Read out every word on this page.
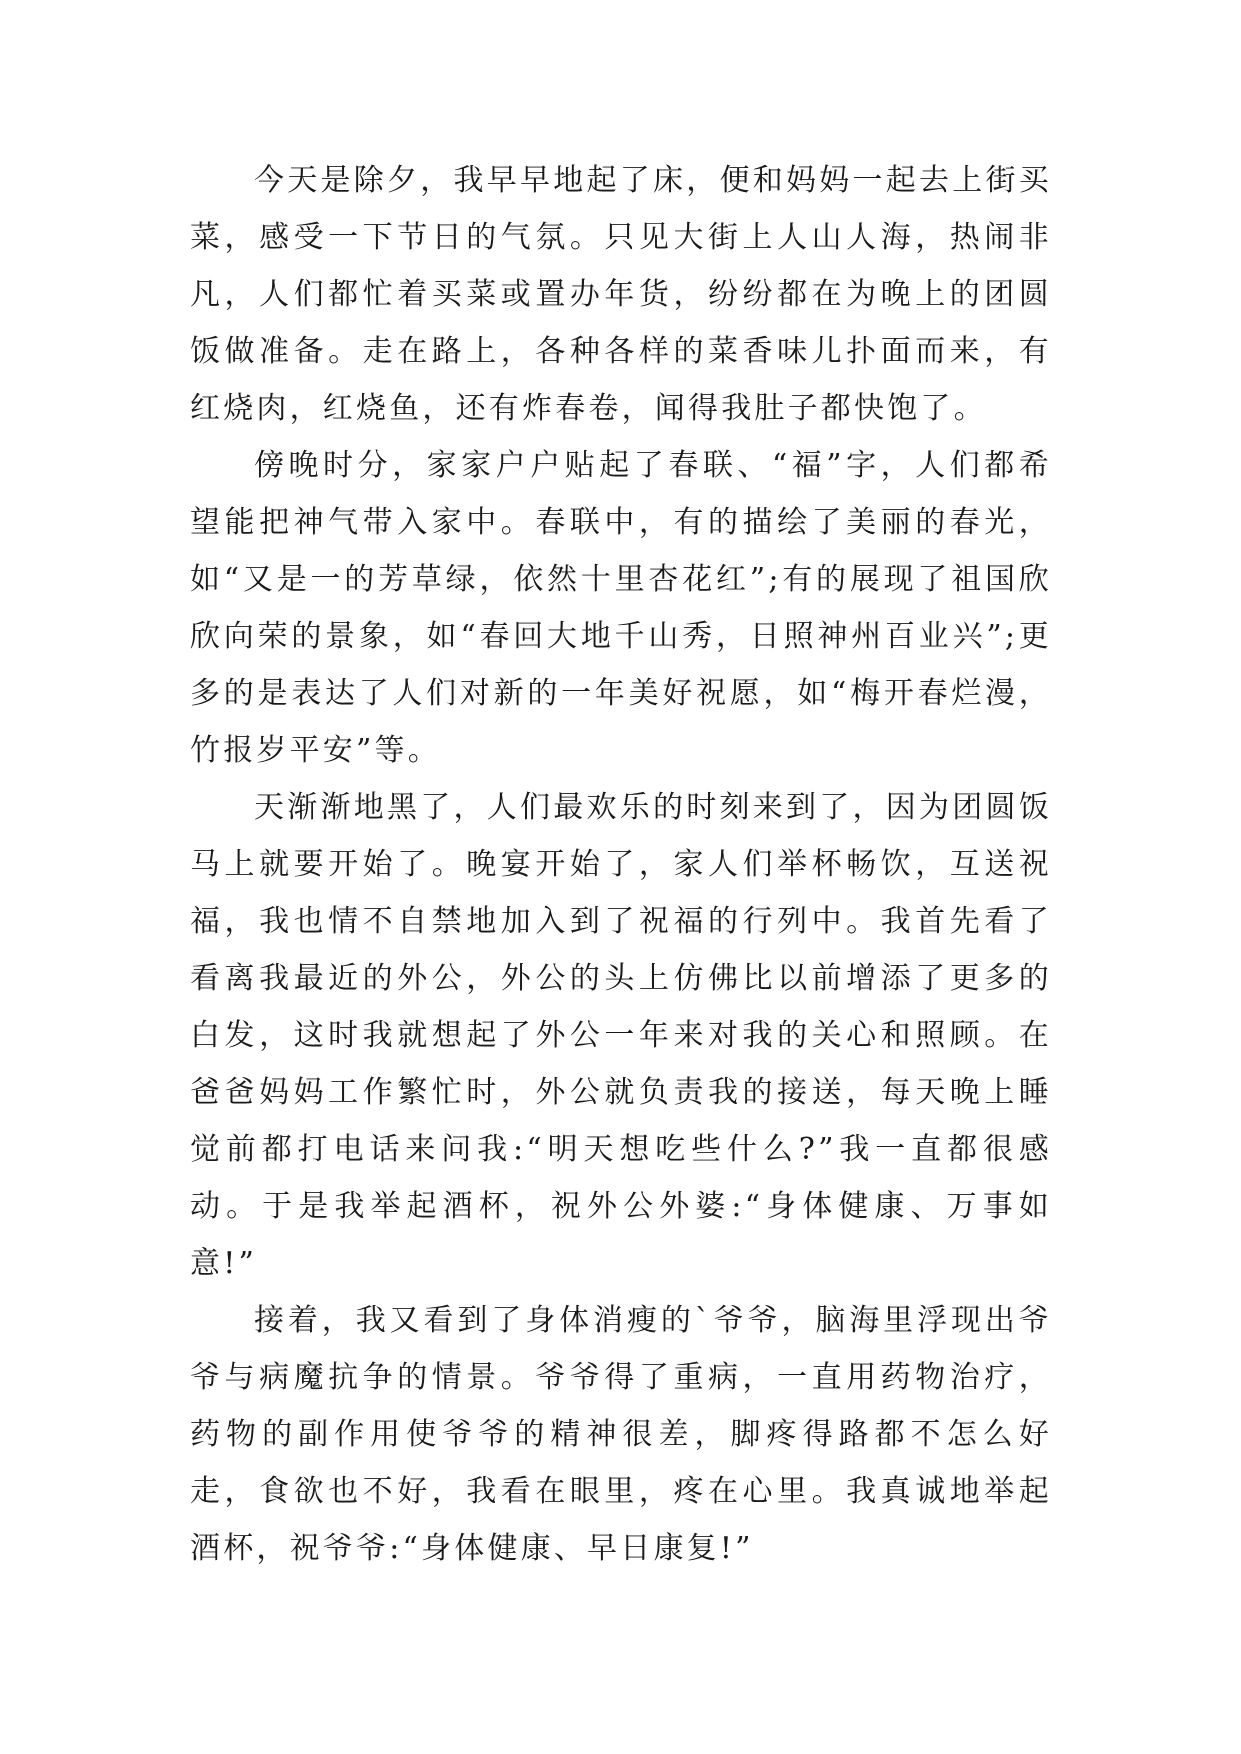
今天是除夕，我早早地起了床，便和妈妈一起去上街买菜，感受一下节日的气氛。只见大街上人山人海，热闹非凡，人们都忙着买菜或置办年货，纷纷都在为晚上的团圆饭做准备。走在路上，各种各样的菜香味儿扑面而来，有红烧肉，红烧鱼，还有炸春卷，闻得我肚子都快饱了。

傍晚时分，家家户户贴起了春联、“福”字，人们都希望能把神气带入家中。春联中，有的描绘了美丽的春光，如“又是一的芳草绿，依然十里杏花红”;有的展现了祖国欣欣向荣的景象，如“春回大地千山秀，日照神州百业兴”;更多的是表达了人们对新的一年美好祝愿，如“梅开春烂漫，竹报岁平安”等。

天渐渐地黑了，人们最欢乐的时刻来到了，因为团圆饭马上就要开始了。晚宴开始了，家人们举杯畅饮，互送祝福，我也情不自禁地加入到了祝福的行列中。我首先看了看离我最近的外公，外公的头上仿佛比以前增添了更多的白发，这时我就想起了外公一年来对我的关心和照顾。在爸爸妈妈工作繁忙时，外公就负责我的接送，每天晚上睡觉前都打电话来问我:“明天想吃些什么?”我一直都很感动。于是我举起酒杯，祝外公外婆:“身体健康、万事如意!”

接着，我又看到了身体消瘦的`爷爷，脑海里浮现出爷爷与病魔抗争的情景。爷爷得了重病，一直用药物治疗，药物的副作用使爷爷的精神很差，脚疼得路都不怎么好走，食欲也不好，我看在眼里，疼在心里。我真诚地举起酒杯，祝爷爷:“身体健康、早日康复!”
